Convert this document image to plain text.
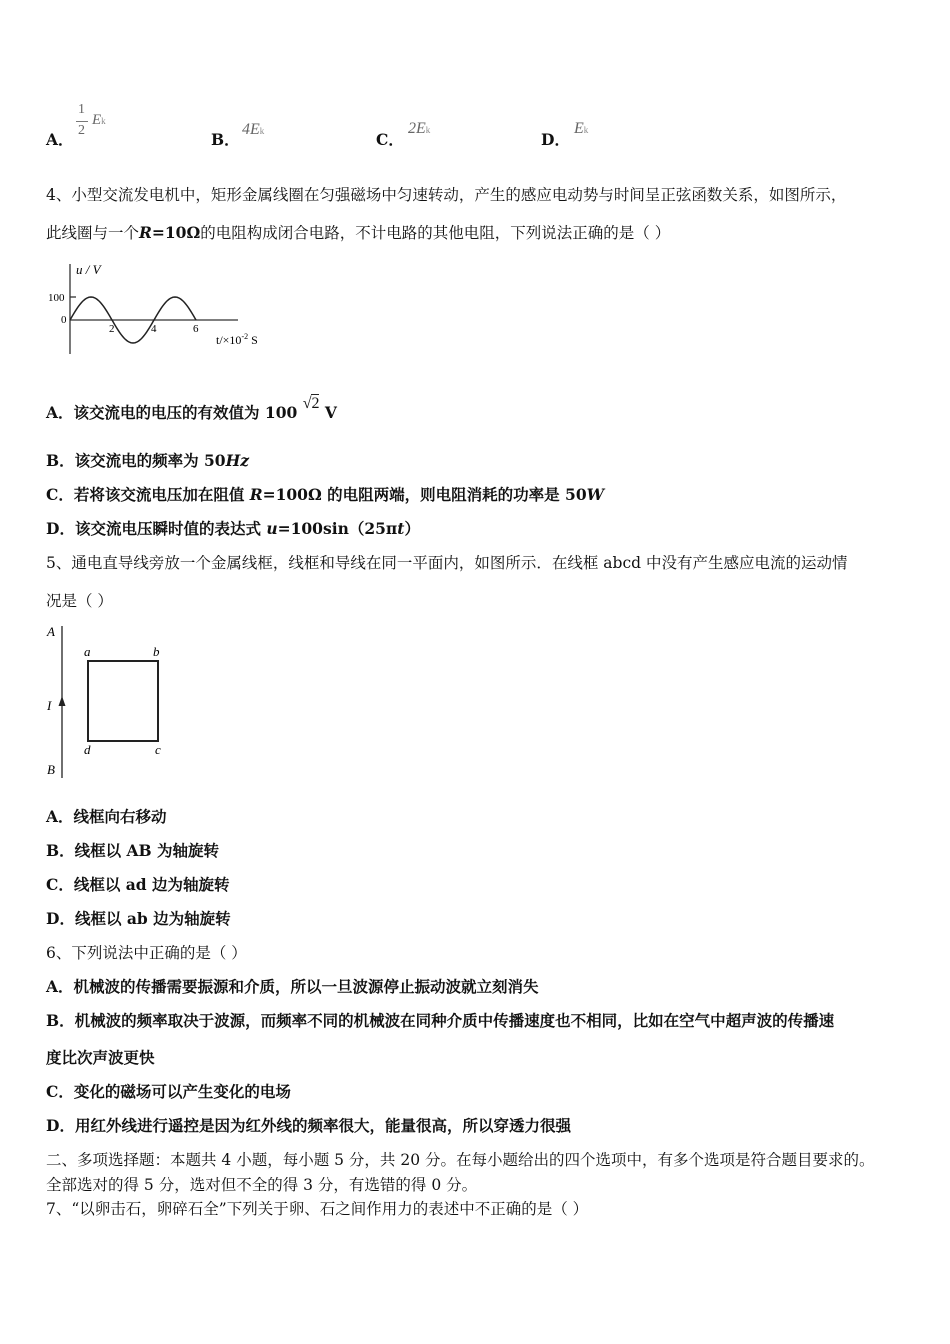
A．
1
2
Ek
B．
4Ek	C．
2Ek	D．
Ek
4、小型交流发电机中，矩形金属线圈在匀强磁场中匀速转动，产生的感应电动势与时间呈正弦函数关系，如图所示，
此线圈与一个R=10Ω的电阻构成闭合电路，不计电路的其他电阻，下列说法正确的是（ ）
u / V
100
0
2	4	6
$t/\times 10^{-2}$ S
A．该交流电的电压的有效值为 100 √2 V
B．该交流电的频率为 50Hz
C．若将该交流电压加在阻值 R=100Ω 的电阻两端，则电阻消耗的功率是 50W
D．该交流电压瞬时值的表达式 u=100sin（25πt）
5、通电直导线旁放一个金属线框，线框和导线在同一平面内，如图所示．在线框 abcd 中没有产生感应电流的运动情
况是（ ）
A
I
B
a	b
c
d
A．线框向右移动
B．线框以 AB 为轴旋转
C．线框以 ad 边为轴旋转
D．线框以 ab 边为轴旋转
6、下列说法中正确的是（ ）
A．机械波的传播需要振源和介质，所以一旦波源停止振动波就立刻消失
B．机械波的频率取决于波源，而频率不同的机械波在同种介质中传播速度也不相同，比如在空气中超声波的传播速
度比次声波更快
C．变化的磁场可以产生变化的电场
D．用红外线进行遥控是因为红外线的频率很大，能量很高，所以穿透力很强
二、多项选择题：本题共 4 小题，每小题 5 分，共 20 分。在每小题给出的四个选项中，有多个选项是符合题目要求的。
全部选对的得 5 分，选对但不全的得 3 分，有选错的得 0 分。
7、“以卵击石，卵碎石全”下列关于卵、石之间作用力的表述中不正确的是（ ）
